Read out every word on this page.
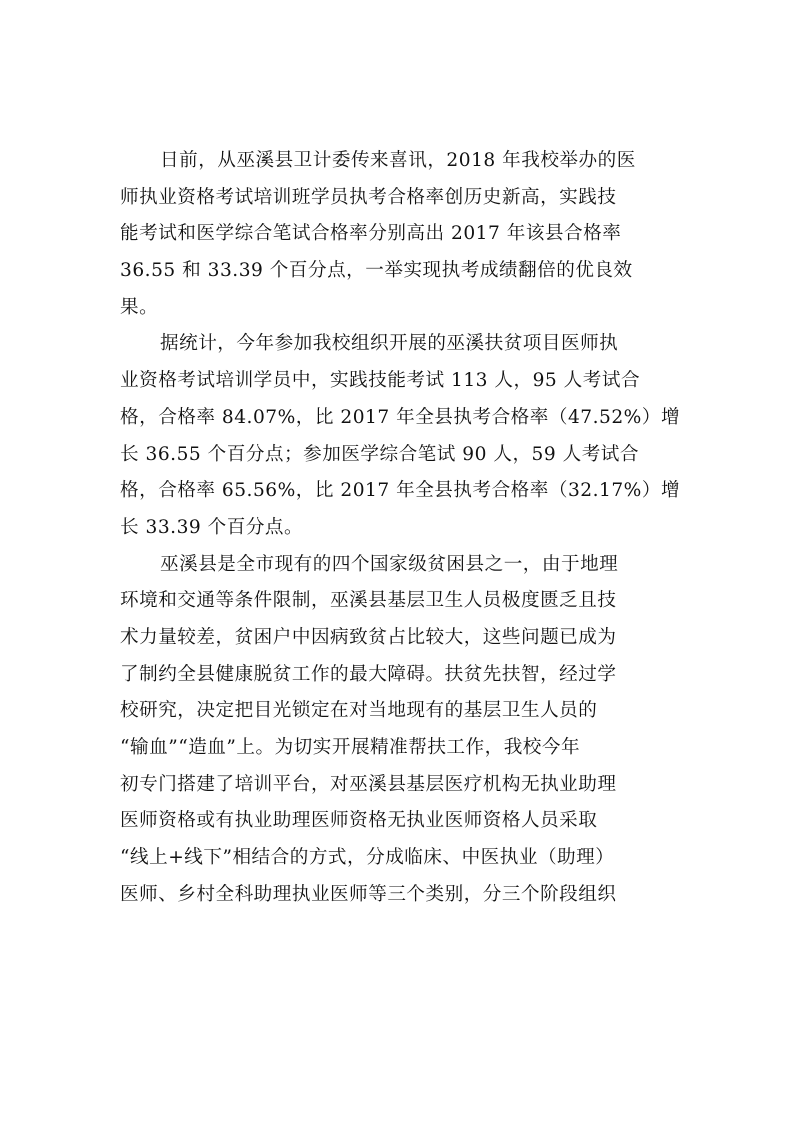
日前，从巫溪县卫计委传来喜讯，2018 年我校举办的医
师执业资格考试培训班学员执考合格率创历史新高，实践技
能考试和医学综合笔试合格率分别高出 2017 年该县合格率
36.55 和 33.39 个百分点，一举实现执考成绩翻倍的优良效
果。
据统计，今年参加我校组织开展的巫溪扶贫项目医师执
业资格考试培训学员中，实践技能考试 113 人，95 人考试合
格，合格率 84.07%，比 2017 年全县执考合格率（47.52%）增
长 36.55 个百分点；参加医学综合笔试 90 人，59 人考试合
格，合格率 65.56%，比 2017 年全县执考合格率（32.17%）增
长 33.39 个百分点。
巫溪县是全市现有的四个国家级贫困县之一，由于地理
环境和交通等条件限制，巫溪县基层卫生人员极度匮乏且技
术力量较差，贫困户中因病致贫占比较大，这些问题已成为
了制约全县健康脱贫工作的最大障碍。扶贫先扶智，经过学
校研究，决定把目光锁定在对当地现有的基层卫生人员的
“输血”“造血”上。为切实开展精准帮扶工作，我校今年
初专门搭建了培训平台，对巫溪县基层医疗机构无执业助理
医师资格或有执业助理医师资格无执业医师资格人员采取
“线上+线下”相结合的方式，分成临床、中医执业（助理）
医师、乡村全科助理执业医师等三个类别，分三个阶段组织
